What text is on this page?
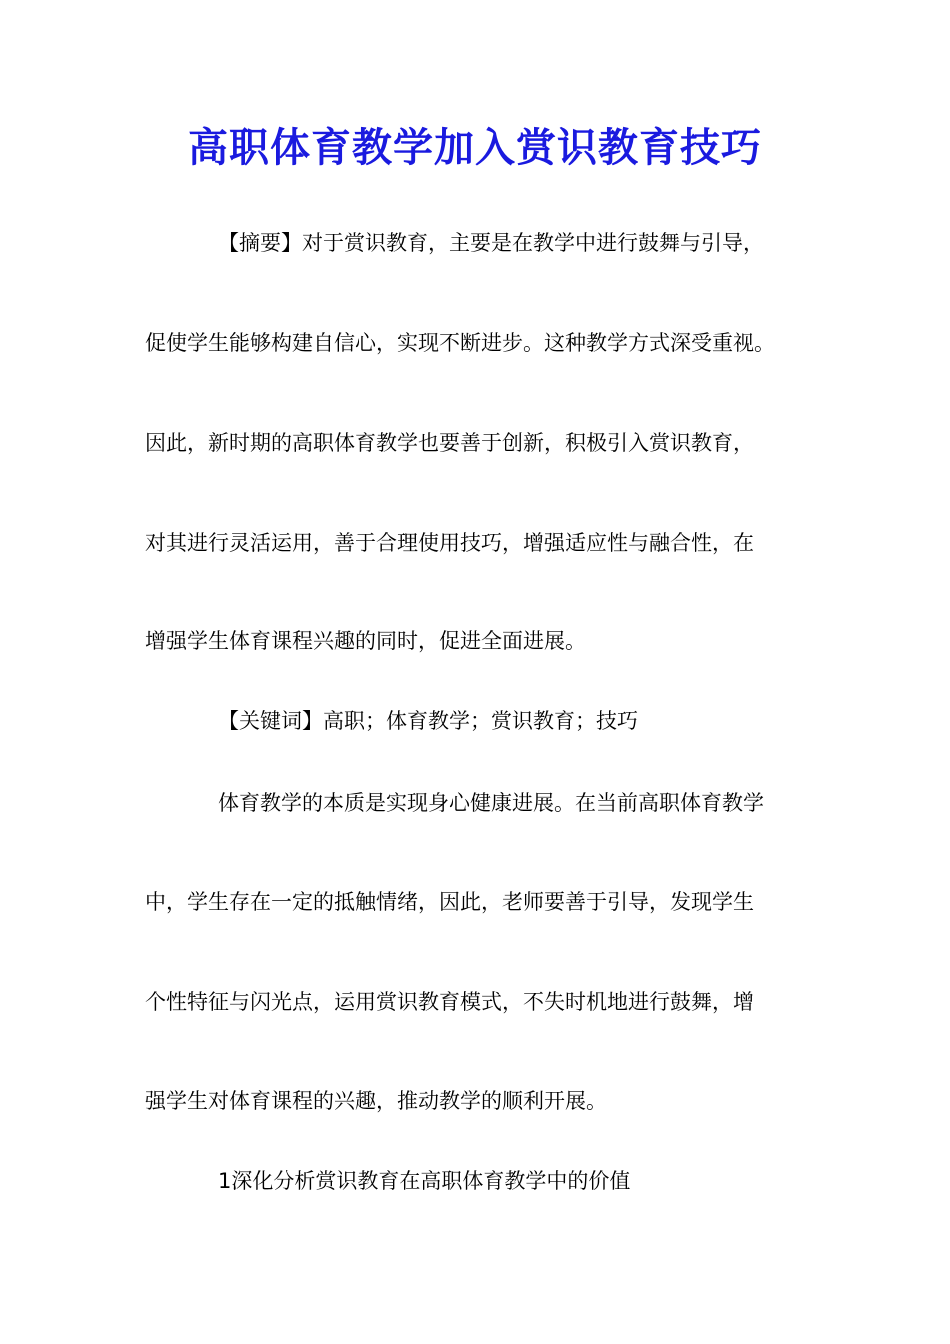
高职体育教学加入赏识教育技巧

【摘要】对于赏识教育，主要是在教学中进行鼓舞与引导，

促使学生能够构建自信心，实现不断进步。这种教学方式深受重视。

因此，新时期的高职体育教学也要善于创新，积极引入赏识教育，

对其进行灵活运用，善于合理使用技巧，增强适应性与融合性，在

增强学生体育课程兴趣的同时，促进全面进展。

【关键词】高职；体育教学；赏识教育；技巧

体育教学的本质是实现身心健康进展。在当前高职体育教学

中，学生存在一定的抵触情绪，因此，老师要善于引导，发现学生

个性特征与闪光点，运用赏识教育模式，不失时机地进行鼓舞，增

强学生对体育课程的兴趣，推动教学的顺利开展。

1深化分析赏识教育在高职体育教学中的价值
